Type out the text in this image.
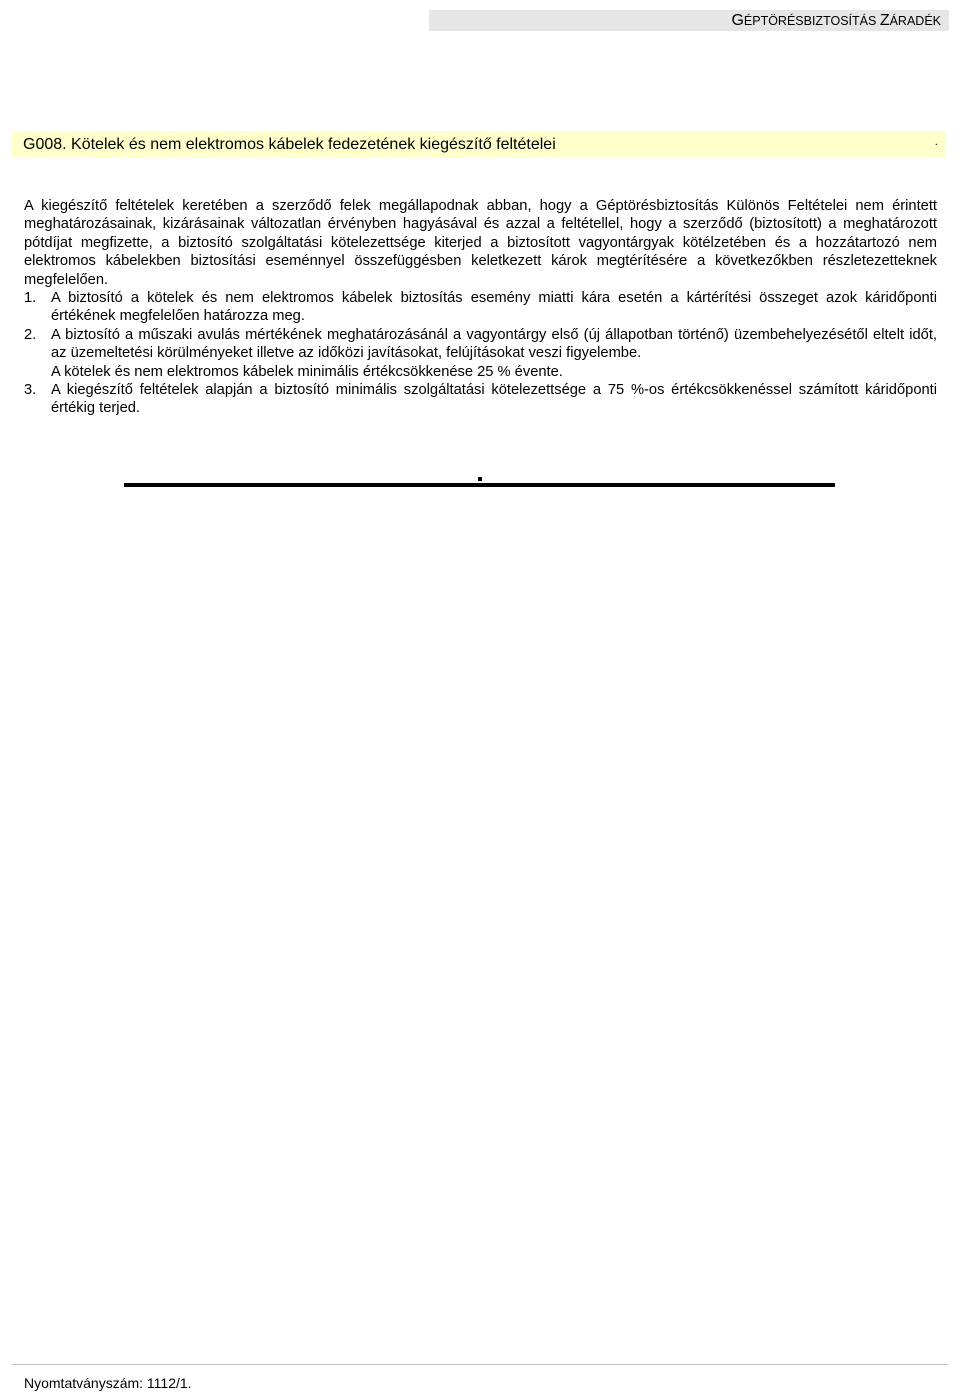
GÉPTÖRÉSBIZTOSÍTÁS ZÁRADÉK
G008. Kötelek és nem elektromos kábelek fedezetének kiegészítő feltételei	.

A kiegészítő feltételek keretében a szerződő felek megállapodnak abban, hogy a Géptörésbiztosítás Különös Feltételei nem érintett meghatározásainak, kizárásainak változatlan érvényben hagyásával és azzal a feltétellel, hogy a szerződő (biztosított) a meghatározott pótdíjat megfizette, a biztosító szolgáltatási kötelezettsége kiterjed a biztosított vagyontárgyak kötélzetében és a hozzátartozó nem elektromos kábelekben biztosítási eseménnyel összefüggésben keletkezett károk megtérítésére a következőkben részletezetteknek megfelelően.

1.	A biztosító a kötelek és nem elektromos kábelek biztosítás esemény miatti kára esetén a kártérítési összeget azok káridőponti értékének megfelelően határozza meg.

2.	A biztosító a műszaki avulás mértékének meghatározásánál a vagyontárgy első (új állapotban történő) üzembehelyezésétől eltelt időt, az üzemeltetési körülményeket illetve az időközi javításokat, felújításokat veszi figyelembe.

A kötelek és nem elektromos kábelek minimális értékcsökkenése 25 % évente.

3.	A kiegészítő feltételek alapján a biztosító minimális szolgáltatási kötelezettsége a 75 %-os értékcsökkenéssel számított káridőponti értékig terjed.

Nyomtatványszám: 1112/1.
